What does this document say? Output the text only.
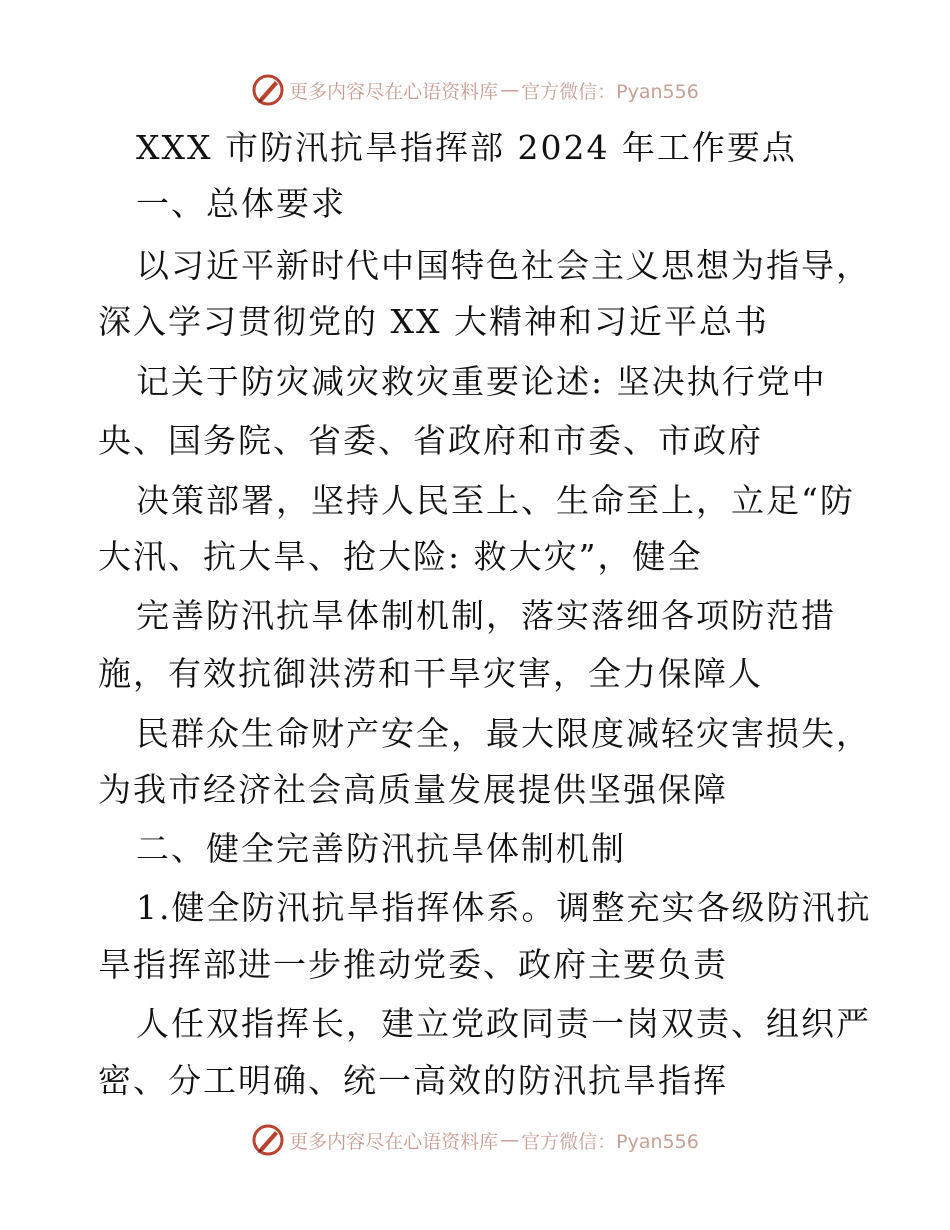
更多内容尽在心语资料库 — 官方微信：Pyan556
XXX 市防汛抗旱指挥部 2024 年工作要点
一、总体要求
以习近平新时代中国特色社会主义思想为指导，
深入学习贯彻党的 XX 大精神和习近平总书
记关于防灾减灾救灾重要论述: 坚决执行党中
央、国务院、省委、省政府和市委、市政府
决策部署，坚持人民至上、生命至上，立足“防
大汛、抗大旱、抢大险: 救大灾”，健全
完善防汛抗旱体制机制，落实落细各项防范措
施，有效抗御洪涝和干旱灾害，全力保障人
民群众生命财产安全，最大限度减轻灾害损失，
为我市经济社会高质量发展提供坚强保障
二、健全完善防汛抗旱体制机制
1.健全防汛抗旱指挥体系。调整充实各级防汛抗
旱指挥部进一步推动党委、政府主要负责
人任双指挥长，建立党政同责一岗双责、组织严
密、分工明确、统一高效的防汛抗旱指挥
更多内容尽在心语资料库 — 官方微信：Pyan556
